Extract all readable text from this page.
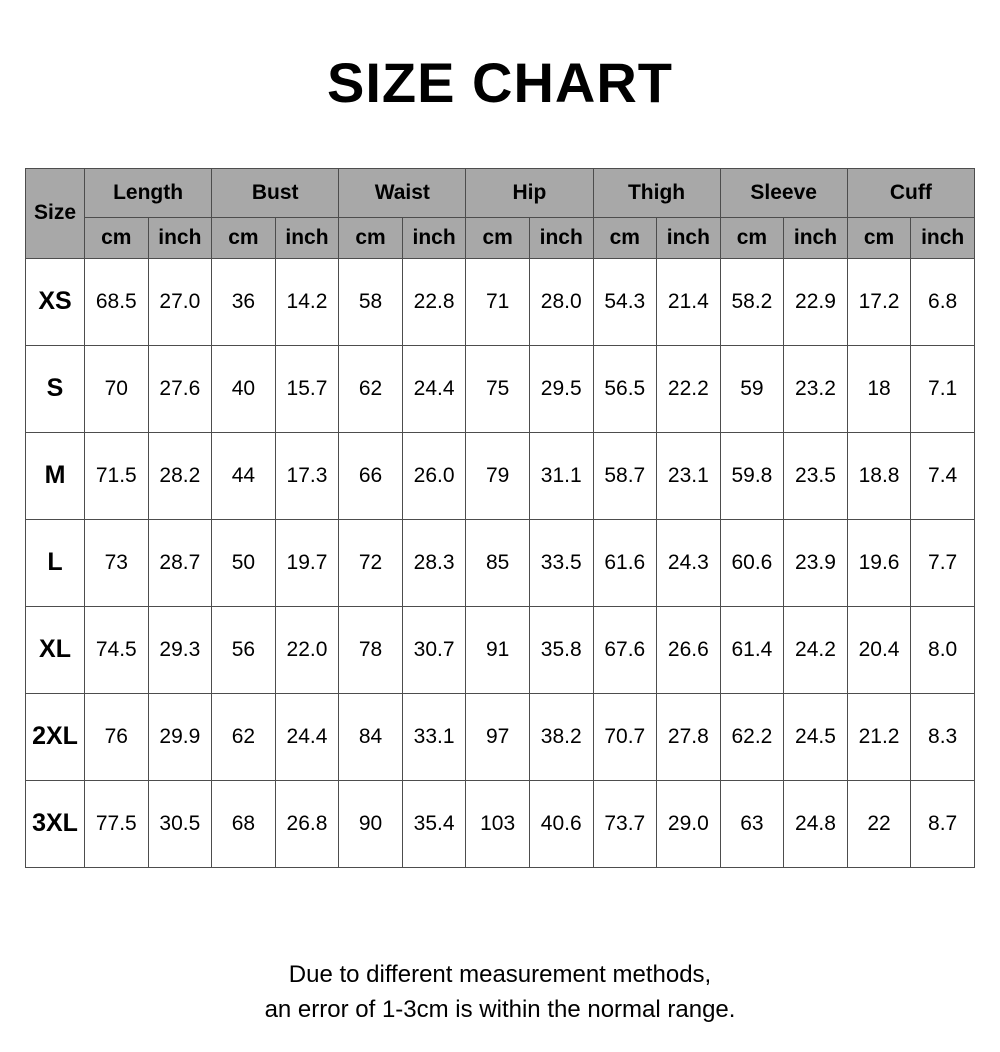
SIZE CHART
Size	Length		Bust		Waist		Hip		Thigh		Sleeve		Cuff	
	cm	inch	cm	inch	cm	inch	cm	inch	cm	inch	cm	inch	cm	inch
XS	68.5	27.0	36	14.2	58	22.8	71	28.0	54.3	21.4	58.2	22.9	17.2	6.8
S	70	27.6	40	15.7	62	24.4	75	29.5	56.5	22.2	59	23.2	18	7.1
M	71.5	28.2	44	17.3	66	26.0	79	31.1	58.7	23.1	59.8	23.5	18.8	7.4
L	73	28.7	50	19.7	72	28.3	85	33.5	61.6	24.3	60.6	23.9	19.6	7.7
XL	74.5	29.3	56	22.0	78	30.7	91	35.8	67.6	26.6	61.4	24.2	20.4	8.0
2XL	76	29.9	62	24.4	84	33.1	97	38.2	70.7	27.8	62.2	24.5	21.2	8.3
3XL	77.5	30.5	68	26.8	90	35.4	103	40.6	73.7	29.0	63	24.8	22	8.7
Due to different measurement methods,
an error of 1-3cm is within the normal range.
